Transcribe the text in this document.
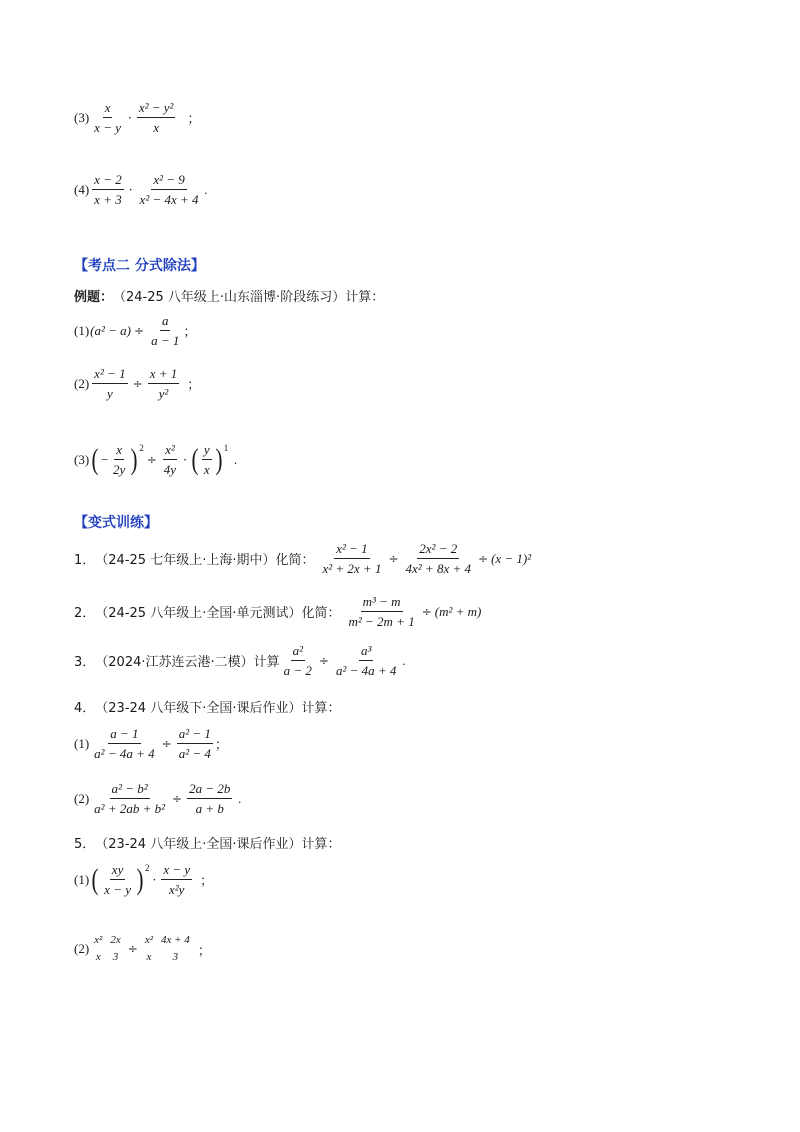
$(3) \frac{x}{x - y} \cdot \frac{\text{x² − y²}}{x}$ ；
$(4) \frac{x - 2}{x + 3} \cdot \frac{\text{x² − 9}}{\text{x² − 4x + 4}}$ .
【考点二 分式除法】
例题： （24-25 八年级上·山东淄博·阶段练习）计算：
(1) $(a^2 - a) \div \frac{a}{a - 1}$ ；
$(2) \frac{\text{x² − 1}}{y} \div \frac{x + 1}{\text{y²}}$ ；
(3) ( − $\frac{x}{2y}$ ) 2
÷ $\frac{\text{x²}}{4y}$ · ( $\frac{y}{x}$ ) 1
.
【变式训练】
1． （24-25 七年级上·上海·期中）化简： $\frac{\text{x² − 1}}{\text{x² + 2x + 1}} \div \frac{\text{2x² − 2}}{\text{4x² + 8x + 4}} \div (x - 1)^2$
2． （24-25 八年级上·全国·单元测试）化简： $\frac{\text{m³ − m}}{\text{m² − 2m + 1}} \div (m^2 + m)$
3． （2024·江苏连云港·二模）计算 $\frac{\text{a²}}{a - 2} \div \frac{\text{a³}}{\text{a² − 4a + 4}}$ .
4． （23-24 八年级下·全国·课后作业）计算：
$(1) \frac{a - 1}{\text{a² − 4a + 4}} \div \frac{\text{a² − 1}}{\text{a² − 4}}$ ；
$(2) \frac{\text{a² − b²}}{\text{a² + 2ab + b²}} \div \frac{2a - 2b}{a + b}$ .
5． （23-24 八年级上·全国·课后作业）计算：
(1) ( $\frac{xy}{x - y}$ ) 2
· $\frac{x - y}{\text{x²y}}$ ；
(2)
x²
x
2x
3
÷
x²
x
4x + 4
3 ；
